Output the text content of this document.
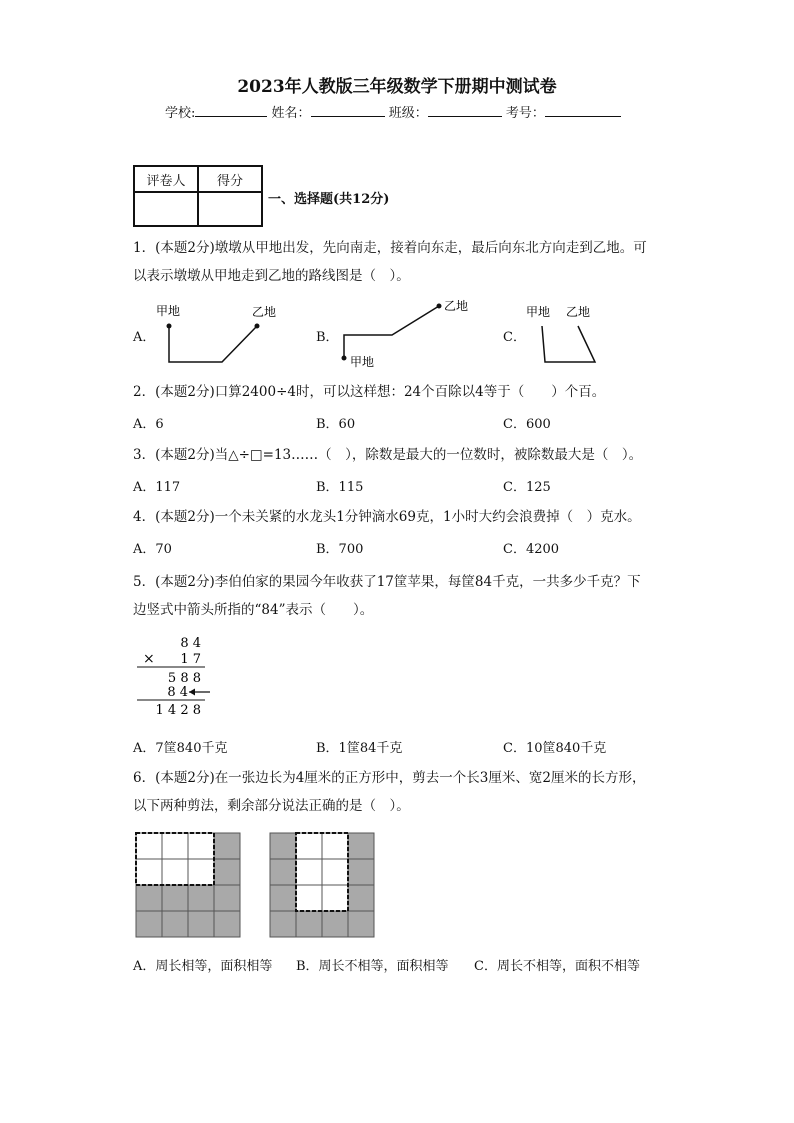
2023年人教版三年级数学下册期中测试卷
学校:	姓名：	班级：	考号：
评卷人	得分

一、选择题(共12分)
1．(本题2分)墩墩从甲地出发，先向南走，接着向东走，最后向东北方向走到乙地。可
以表示墩墩从甲地走到乙地的路线图是（　）。
A．
甲地	乙地
B．
乙地
甲地
C．
甲地 乙地
2．(本题2分)口算2400÷4时，可以这样想：24个百除以4等于（　　）个百。
A．6	B．60	C．600
3．(本题2分)当△÷□=13……（　），除数是最大的一位数时，被除数最大是（　）。
A．117	B．115	C．125
4．(本题2分)一个未关紧的水龙头1分钟滴水69克，1小时大约会浪费掉（　）克水。
A．70	B．700	C．4200
5．(本题2分)李伯伯家的果园今年收获了17筐苹果，每筐84千克，一共多少千克？下
边竖式中箭头所指的“84”表示（　　）。
8 4
× 1 7
5 8 8
8 4
1 4 2 8
A．7筐840千克	B．1筐84千克	C．10筐840千克
6．(本题2分)在一张边长为4厘米的正方形中，剪去一个长3厘米、宽2厘米的长方形，
以下两种剪法，剩余部分说法正确的是（　）。
A．周长相等，面积相等 B．周长不相等，面积相等 C．周长不相等，面积不相等
